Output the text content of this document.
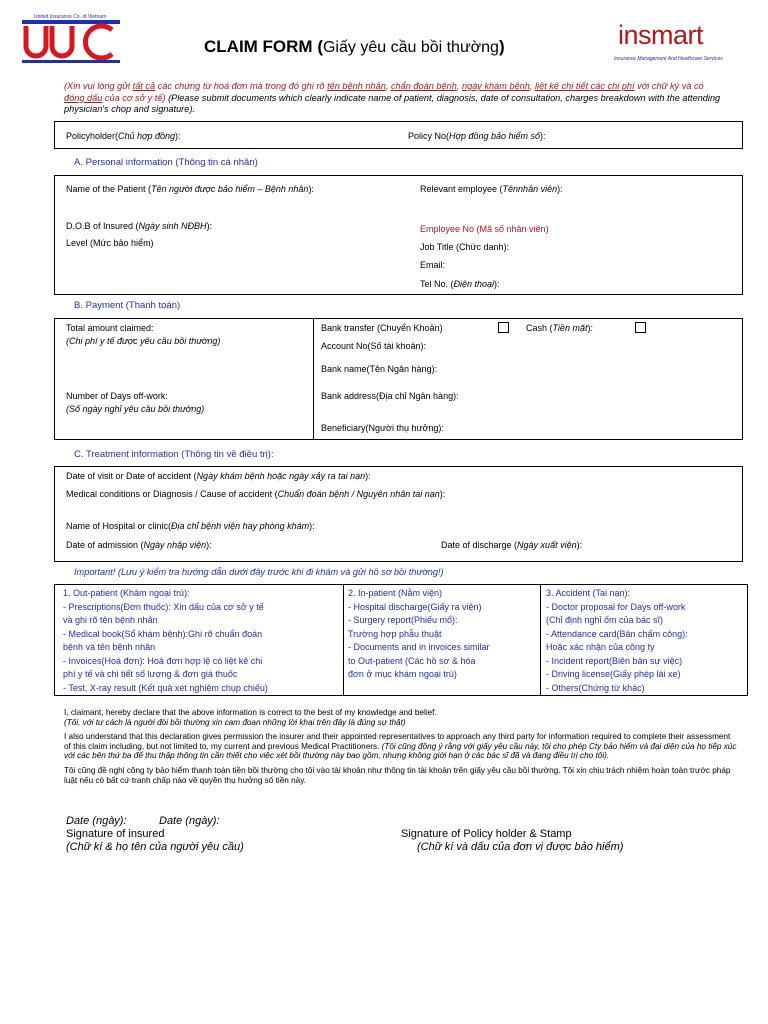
United Insurance Co. of Vietnam
CLAIM FORM (Giấy yêu cầu bồi thường)	insmart
Insurance Management And Healthcare Services
(Xin vui lòng gửi tất cả các chứng từ hoá đơn mà trong đó ghi rõ tên bệnh nhân, chẩn đoán bệnh, ngày khám bệnh, liệt kê chi tiết các chi phí với chữ ký và có đóng dấu của cơ sở y tế) (Please submit documents which clearly indicate name of patient, diagnosis, date of consultation, charges breakdown with the attending physician's chop and signature).
Policyholder(Chủ hợp đồng):	Policy No(Hợp đồng bảo hiểm số):
A. Personal information (Thông tin cá nhân)
Name of the Patient (Tên người được bảo hiểm – Bệnh nhân):
D.O.B of Insured (Ngày sinh NĐBH):
Level (Mức bảo hiểm)
Relevant employee (Tênnhân viên):
Employee No (Mã số nhân viên)
Job Title (Chức danh):
Email:
Tel No. (Điện thoại):
B. Payment (Thanh toán)
Total amount claimed:
(Chi phí y tế được yêu cầu bồi thường)
Number of Days off-work:
(Số ngày nghỉ yêu cầu bồi thường)
Bank transfer (Chuyển Khoản)	Cash (Tiền mặt):
Account No(Số tài khoản):
Bank name(Tên Ngân hàng):
Bank address(Địa chỉ Ngân hàng):
Beneficiary(Người thụ hưởng):
C. Treatment information (Thông tin về điều trị):
Date of visit or Date of accident (Ngày khám bệnh hoặc ngày xảy ra tai nạn):
Medical conditions or Diagnosis / Cause of accident (Chuẩn đoán bệnh / Nguyên nhân tai nạn):
Name of Hospital or clinic(Địa chỉ bệnh viện hay phòng khám):
Date of admission (Ngày nhập viện):	Date of discharge (Ngày xuất viện):
Important! (Lưu ý kiểm tra hướng dẫn dưới đây trước khi đi khám và gửi hồ sơ bồi thường!)

1. Out-patient (Khám ngoại trú):

- Prescriptions(Đơn thuốc): Xin dấu của cơ sở y tế

và ghi rõ tên bệnh nhân

- Medical book(Sổ khám bệnh):Ghi rõ chuẩn đoán

bệnh và tên bệnh nhân

- Invoices(Hoá đơn): Hoá đơn hợp lệ có liệt kê chi

phí y tế và chi tiết số lượng & đơn giá thuốc

- Test, X-ray result (Kết quả xét nghiệm chụp chiếu)

2. In-patient (Nằm viện)

- Hospital discharge(Giấy ra viện)

- Surgery report(Phiếu mổ):

Trường hợp phẫu thuật

- Documents and in invoices similar

to Out-patient (Các hồ sơ & hóa

đơn ở mục khám ngoại trú)

3. Accident (Tai nạn):

- Doctor proposal for Days off-work

(Chỉ định nghỉ ốm của bác sĩ)

- Attendance card(Bản chấm công):

Hoặc xác nhận của công ty

- Incident report(Biên bản sự việc)

- Driving license(Giấy phép lái xe)

- Others(Chứng từ khác)

I, claimant, hereby declare that the above information is correct to the best of my knowledge and belief.

(Tôi, với tư cách là người đòi bồi thường xin cam đoan những lời khai trên đây là đúng sự thật)

I also understand that this declaration gives permission the insurer and their appointed representatives to approach any third party for information required to complete their assessment of this claim including, but not limited to, my current and previous Medical Practitioners. (Tôi cũng đồng ý rằng với giấy yêu cầu này, tôi cho phép Cty bảo hiểm và đại diện của họ tiếp xúc với các bên thứ ba để thu thập thông tin cần thiết cho việc xét bồi thường này bao gồm, nhưng không giới hạn ở các bác sĩ đã và đang điều trị cho tôi).

Tôi cũng đề nghị công ty bảo hiểm thanh toán tiền bồi thường cho tôi vào tài khoản như thông tin tài khoản trên giấy yêu cầu bồi thường. Tôi xin chịu trách nhiệm hoàn toàn trước pháp luật nếu có bất cứ tranh chấp nào về quyền thụ hưởng số tiền này.

Date (ngày):	Date (ngày):
Signature of insured
(Chữ kí & họ tên của người yêu cầu)
Signature of Policy holder & Stamp
(Chữ kí và dấu của đơn vị được bảo hiểm)
